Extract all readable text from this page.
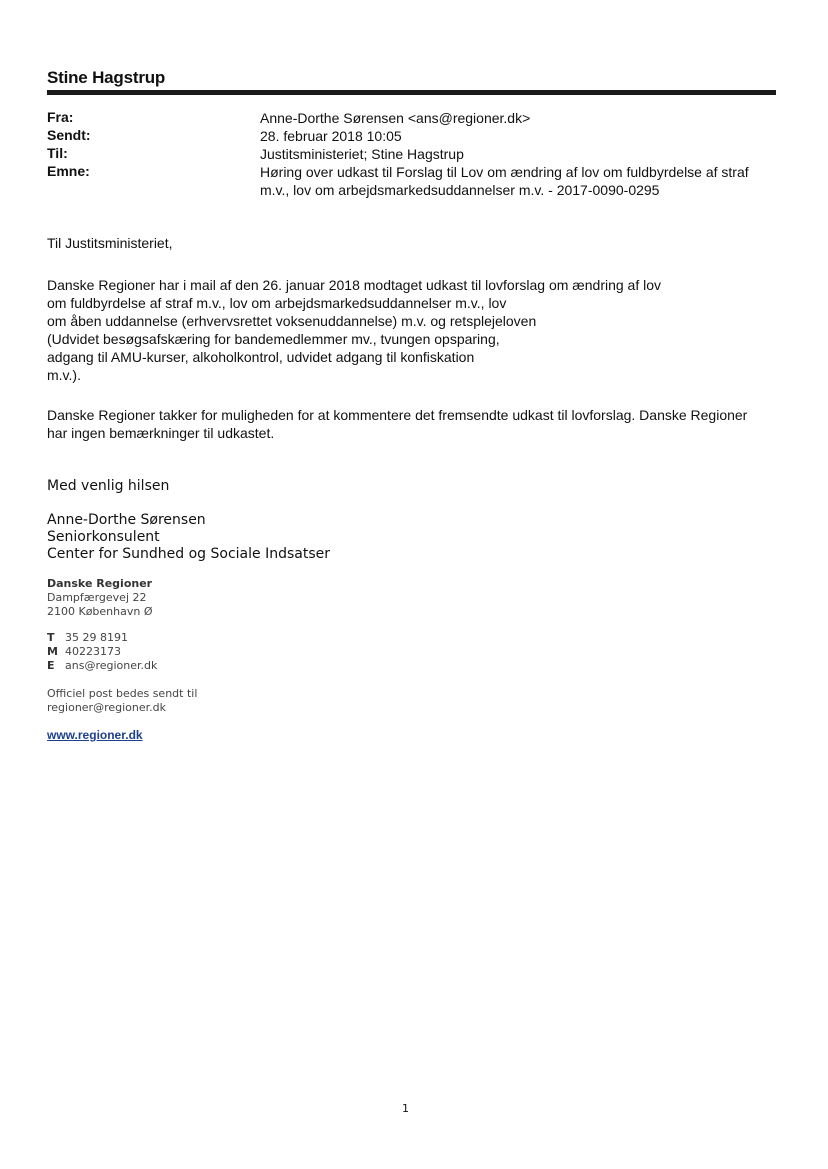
Stine Hagstrup
Fra:	Anne-Dorthe Sørensen <ans@regioner.dk>
Sendt:	28. februar 2018 10:05
Til:	Justitsministeriet; Stine Hagstrup
Emne:	Høring over udkast til Forslag til Lov om ændring af lov om fuldbyrdelse af straf
m.v., lov om arbejdsmarkedsuddannelser m.v. - 2017-0090-0295
Til Justitsministeriet,
Danske Regioner har i mail af den 26. januar 2018 modtaget udkast til lovforslag om ændring af lov
om fuldbyrdelse af straf m.v., lov om arbejdsmarkedsuddannelser m.v., lov
om åben uddannelse (erhvervsrettet voksenuddannelse) m.v. og retsplejeloven
(Udvidet besøgsafskæring for bandemedlemmer mv., tvungen opsparing,
adgang til AMU-kurser, alkoholkontrol, udvidet adgang til konfiskation
m.v.).
Danske Regioner takker for muligheden for at kommentere det fremsendte udkast til lovforslag. Danske Regioner
har ingen bemærkninger til udkastet.
Med venlig hilsen
Anne-Dorthe Sørensen
Seniorkonsulent
Center for Sundhed og Sociale Indsatser
Danske Regioner
Dampfærgevej 22
2100 København Ø
T 35 29 8191
M 40223173
E ans@regioner.dk
Officiel post bedes sendt til
regioner@regioner.dk
www.regioner.dk
1
